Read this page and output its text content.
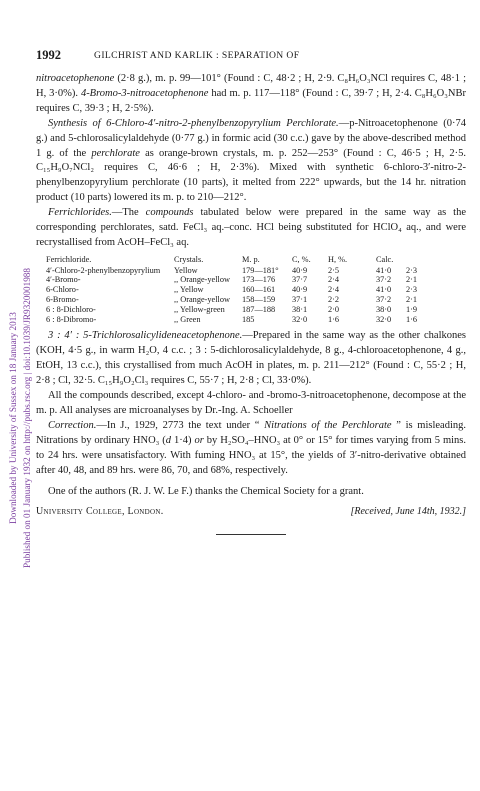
Downloaded by University of Sussex on 18 January 2013 Published on 01 January 1932 on http://pubs.rsc.org | doi:10.1039/JR9320001988
1992	GILCHRIST AND KARLIK : SEPARATION OF

nitroacetophenone (2·8 g.), m. p. 99—101° (Found : C, 48·2 ; H, 2·9. C₈H₆O₃NCl requires C, 48·1 ; H, 3·0%). 4-Bromo-3-nitroacetophenone had m. p. 117—118° (Found : C, 39·7 ; H, 2·4. C₈H₆O₃NBr requires C, 39·3 ; H, 2·5%).

Synthesis of 6-Chloro-4′-nitro-2-phenylbenzopyrylium Perchlorate.—p-Nitroacetophenone (0·74 g.) and 5-chlorosalicylaldehyde (0·77 g.) in formic acid (30 c.c.) gave by the above-described method 1 g. of the perchlorate as orange-brown crystals, m. p. 252—253° (Found : C, 46·5 ; H, 2·5. C₁₅H₉O₇NCl₂ requires C, 46·6 ; H, 2·3%). Mixed with synthetic 6-chloro-3′-nitro-2-phenylbenzopyrylium perchlorate (10 parts), it melted from 222° upwards, but the 14 hr. nitration product (10 parts) lowered its m. p. to 210—212°.

Ferrichlorides.—The compounds tabulated below were prepared in the same way as the corresponding perchlorates, satd. FeCl₃ aq.–conc. HCl being substituted for HClO₄ aq., and were recrystallised from AcOH–FeCl₃ aq.

Ferrichloride.	Crystals.	M. p.	C, %.	H, %.	Calc.	
4′-Chloro-2-phenylbenzopyrylium	Yellow	179—181°	40·9	2·5	41·0	2·3
4′-Bromo-	,, Orange-yellow	173—176	37·7	2·4	37·2	2·1
6-Chloro-	,, Yellow	160—161	40·9	2·4	41·0	2·3
6-Bromo-	,, Orange-yellow	158—159	37·1	2·2	37·2	2·1
6 : 8-Dichloro-	,, Yellow-green	187—188	38·1	2·0	38·0	1·9
6 : 8-Dibromo-	,, Green	185	32·0	1·6	32·0	1·6

3 : 4′ : 5-Trichlorosalicylideneacetophenone.—Prepared in the same way as the other chalkones (KOH, 4·5 g., in warm H₂O, 4 c.c. ; 3 : 5-dichlorosalicylaldehyde, 8 g., 4-chloroacetophenone, 4 g., EtOH, 13 c.c.), this crystallised from much AcOH in plates, m. p. 211—212° (Found : C, 55·2 ; H, 2·8 ; Cl, 32·5. C₁₅H₉O₂Cl₃ requires C, 55·7 ; H, 2·8 ; Cl, 33·0%).

All the compounds described, except 4-chloro- and -bromo-3-nitroacetophenone, decompose at the m. p. All analyses are microanalyses by Dr.-Ing. A. Schoeller

Correction.—In J., 1929, 2773 the text under “ Nitrations of the Perchlorate ” is misleading. Nitrations by ordinary HNO₃ (d 1·4) or by H₂SO₄–HNO₃ at 0° or 15° for times varying from 5 mins. to 24 hrs. were unsatisfactory. With fuming HNO₃ at 15°, the yields of 3′-nitro-derivative obtained after 40, 48, and 89 hrs. were 86, 70, and 68%, respectively.

One of the authors (R. J. W. Le F.) thanks the Chemical Society for a grant.

University College, London.	[Received, June 14th, 1932.]
